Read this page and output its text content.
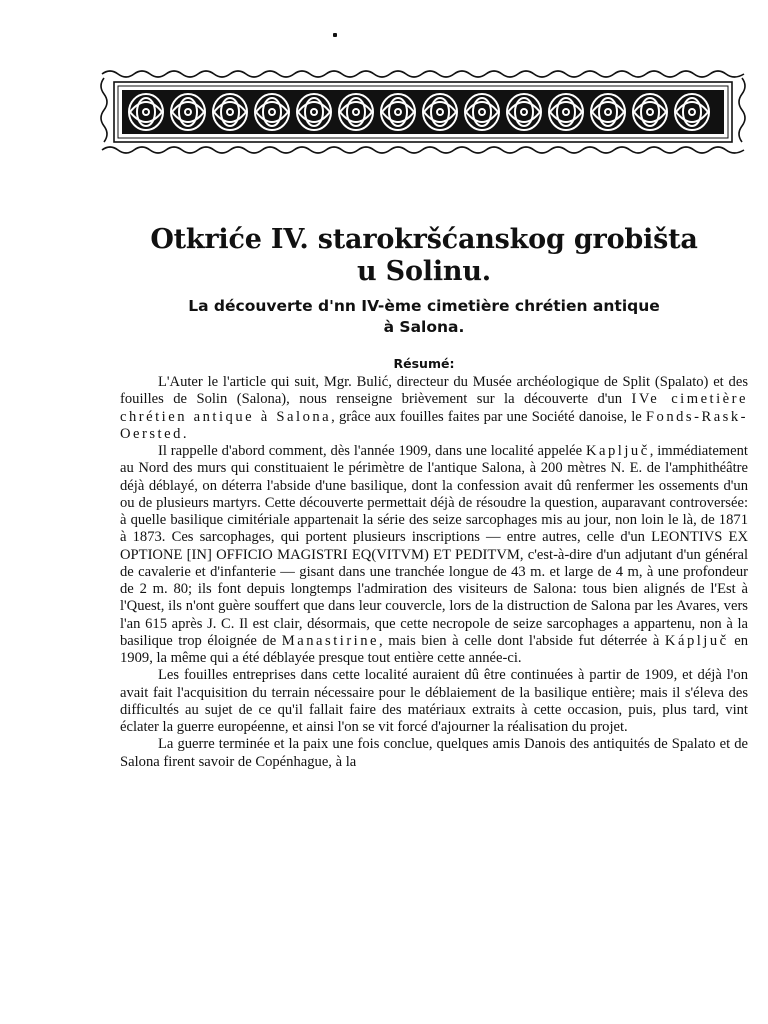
Otkriće IV. starokršćanskog grobišta
u Solinu.
La découverte d'nn IV-ème cimetière chrétien antique
à Salona.
Résumé:

L'Auter le l'article qui suit, Mgr. Bulić, directeur du Musée archéologique de Split (Spalato) et des fouilles de Solin (Salona), nous renseigne brièvement sur la découverte d'un IVe cimetière chrétien antique à Salona, grâce aux fouilles faites par une Société danoise, le Fonds-Rask-Oersted.

Il rappelle d'abord comment, dès l'année 1909, dans une localité appelée Kapljuč, immédiatement au Nord des murs qui constituaient le périmètre de l'antique Salona, à 200 mètres N. E. de l'amphithéâtre déjà déblayé, on déterra l'abside d'une basilique, dont la confession avait dû renfermer les ossements d'un ou de plusieurs martyrs. Cette découverte permettait déjà de résoudre la question, auparavant controversée: à quelle basilique cimitériale appartenait la série des seize sarcophages mis au jour, non loin le là, de 1871 à 1873. Ces sarcophages, qui portent plusieurs inscriptions — entre autres, celle d'un LEONTIVS EX OPTIONE [IN] OFFICIO MAGISTRI EQ(VITVM) ET PEDITVM, c'est-à-dire d'un adjutant d'un général de cavalerie et d'infanterie — gisant dans une tranchée longue de 43 m. et large de 4 m, à une profondeur de 2 m. 80; ils font depuis longtemps l'admiration des visiteurs de Salona: tous bien alignés de l'Est à l'Quest, ils n'ont guère souffert que dans leur couvercle, lors de la distruction de Salona par les Avares, vers l'an 615 après J. C. Il est clair, désormais, que cette necropole de seize sarcophages a appartenu, non à la basilique trop éloignée de Manastirine, mais bien à celle dont l'abside fut déterrée à Kápljuč en 1909, la même qui a été déblayée presque tout entière cette année-ci.

Les fouilles entreprises dans cette localité auraient dû être continuées à partir de 1909, et déjà l'on avait fait l'acquisition du terrain nécessaire pour le déblaiement de la basilique entière; mais il s'éleva des difficultés au sujet de ce qu'il fallait faire des matériaux extraits à cette occasion, puis, plus tard, vint éclater la guerre européenne, et ainsi l'on se vit forcé d'ajourner la réalisation du projet.

La guerre terminée et la paix une fois conclue, quelques amis Danois des antiquités de Spalato et de Salona firent savoir de Copénhague, à la
